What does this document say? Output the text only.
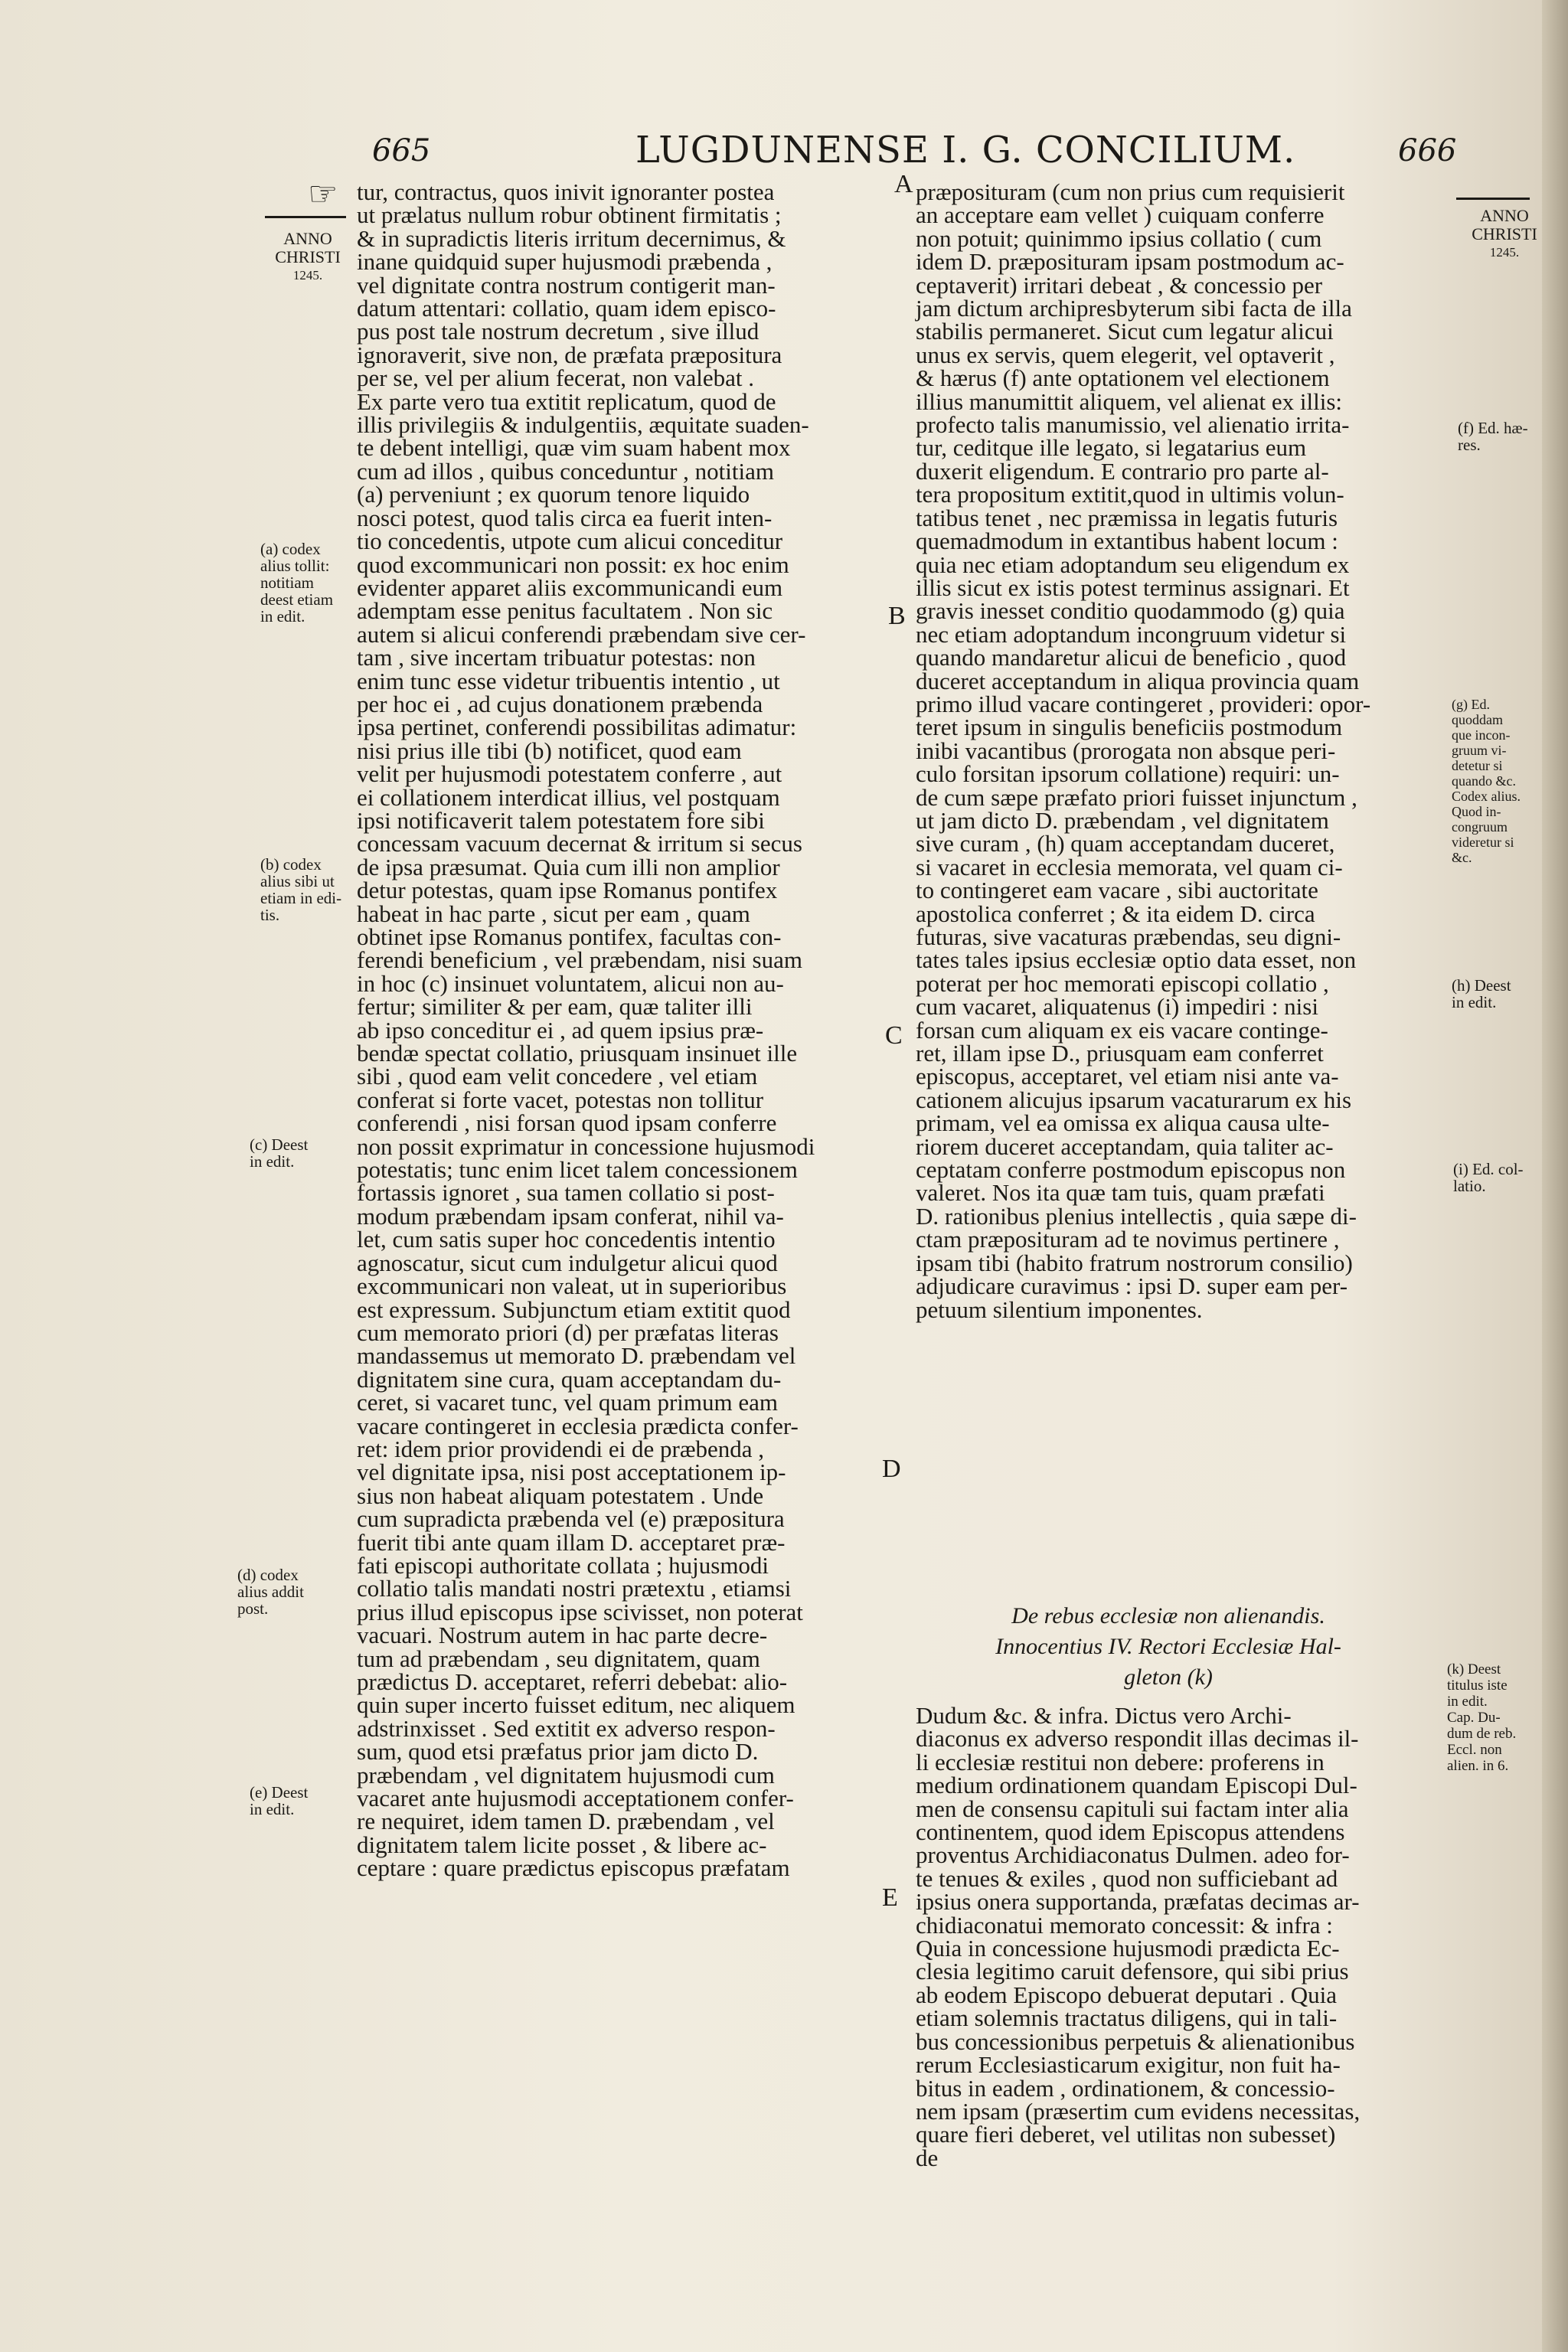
665	LUGDUNENSE I. G. CONCILIUM.	666
☞
ANNO
CHRISTI
1245.
ANNO
CHRISTI
1245.
tur, contractus, quos inivit ignoranter postea
ut prælatus nullum robur obtinent firmitatis ;
& in supradictis literis irritum decernimus, &
inane quidquid super hujusmodi præbenda ,
vel dignitate contra nostrum contigerit man-
datum attentari: collatio, quam idem episco-
pus post tale nostrum decretum , sive illud
ignoraverit, sive non, de præfata præpositura
per se, vel per alium fecerat, non valebat .
Ex parte vero tua extitit replicatum, quod de
illis privilegiis & indulgentiis, æquitate suaden-
te debent intelligi, quæ vim suam habent mox
cum ad illos , quibus conceduntur , notitiam
(a) perveniunt ; ex quorum tenore liquido
nosci potest, quod talis circa ea fuerit inten-
tio concedentis, utpote cum alicui conceditur
quod excommunicari non possit: ex hoc enim
evidenter apparet aliis excommunicandi eum
ademptam esse penitus facultatem . Non sic
autem si alicui conferendi præbendam sive cer-
tam , sive incertam tribuatur potestas: non
enim tunc esse videtur tribuentis intentio , ut
per hoc ei , ad cujus donationem præbenda
ipsa pertinet, conferendi possibilitas adimatur:
nisi prius ille tibi (b) notificet, quod eam
velit per hujusmodi potestatem conferre , aut
ei collationem interdicat illius, vel postquam
ipsi notificaverit talem potestatem fore sibi
concessam vacuum decernat & irritum si secus
de ipsa præsumat. Quia cum illi non amplior
detur potestas, quam ipse Romanus pontifex
habeat in hac parte , sicut per eam , quam
obtinet ipse Romanus pontifex, facultas con-
ferendi beneficium , vel præbendam, nisi suam
in hoc (c) insinuet voluntatem, alicui non au-
fertur; similiter & per eam, quæ taliter illi
ab ipso conceditur ei , ad quem ipsius præ-
bendæ spectat collatio, priusquam insinuet ille
sibi , quod eam velit concedere , vel etiam
conferat si forte vacet, potestas non tollitur
conferendi , nisi forsan quod ipsam conferre
non possit exprimatur in concessione hujusmodi
potestatis; tunc enim licet talem concessionem
fortassis ignoret , sua tamen collatio si post-
modum præbendam ipsam conferat, nihil va-
let, cum satis super hoc concedentis intentio
agnoscatur, sicut cum indulgetur alicui quod
excommunicari non valeat, ut in superioribus
est expressum. Subjunctum etiam extitit quod
cum memorato priori (d) per præfatas literas
mandassemus ut memorato D. præbendam vel
dignitatem sine cura, quam acceptandam du-
ceret, si vacaret tunc, vel quam primum eam
vacare contingeret in ecclesia prædicta confer-
ret: idem prior providendi ei de præbenda ,
vel dignitate ipsa, nisi post acceptationem ip-
sius non habeat aliquam potestatem . Unde
cum supradicta præbenda vel (e) præpositura
fuerit tibi ante quam illam D. acceptaret præ-
fati episcopi authoritate collata ; hujusmodi
collatio talis mandati nostri prætextu , etiamsi
prius illud episcopus ipse scivisset, non poterat
vacuari. Nostrum autem in hac parte decre-
tum ad præbendam , seu dignitatem, quam
prædictus D. acceptaret, referri debebat: alio-
quin super incerto fuisset editum, nec aliquem
adstrinxisset . Sed extitit ex adverso respon-
sum, quod etsi præfatus prior jam dicto D.
præbendam , vel dignitatem hujusmodi cum
vacaret ante hujusmodi acceptationem confer-
re nequiret, idem tamen D. præbendam , vel
dignitatem talem licite posset , & libere ac-
ceptare : quare prædictus episcopus præfatam
præposituram (cum non prius cum requisierit
an acceptare eam vellet ) cuiquam conferre
non potuit; quinimmo ipsius collatio ( cum
idem D. præposituram ipsam postmodum ac-
ceptaverit) irritari debeat , & concessio per
jam dictum archipresbyterum sibi facta de illa
stabilis permaneret. Sicut cum legatur alicui
unus ex servis, quem elegerit, vel optaverit ,
& hærus (f) ante optationem vel electionem
illius manumittit aliquem, vel alienat ex illis:
profecto talis manumissio, vel alienatio irrita-
tur, ceditque ille legato, si legatarius eum
duxerit eligendum. E contrario pro parte al-
tera propositum extitit,quod in ultimis volun-
tatibus tenet , nec præmissa in legatis futuris
quemadmodum in extantibus habent locum :
quia nec etiam adoptandum seu eligendum ex
illis sicut ex istis potest terminus assignari. Et
gravis inesset conditio quodammodo (g) quia
nec etiam adoptandum incongruum videtur si
quando mandaretur alicui de beneficio , quod
duceret acceptandum in aliqua provincia quam
primo illud vacare contingeret , provideri: opor-
teret ipsum in singulis beneficiis postmodum
inibi vacantibus (prorogata non absque peri-
culo forsitan ipsorum collatione) requiri: un-
de cum sæpe præfato priori fuisset injunctum ,
ut jam dicto D. præbendam , vel dignitatem
sive curam , (h) quam acceptandam duceret,
si vacaret in ecclesia memorata, vel quam ci-
to contingeret eam vacare , sibi auctoritate
apostolica conferret ; & ita eidem D. circa
futuras, sive vacaturas præbendas, seu digni-
tates tales ipsius ecclesiæ optio data esset, non
poterat per hoc memorati episcopi collatio ,
cum vacaret, aliquatenus (i) impediri : nisi
forsan cum aliquam ex eis vacare continge-
ret, illam ipse D., priusquam eam conferret
episcopus, acceptaret, vel etiam nisi ante va-
cationem alicujus ipsarum vacaturarum ex his
primam, vel ea omissa ex aliqua causa ulte-
riorem duceret acceptandam, quia taliter ac-
ceptatam conferre postmodum episcopus non
valeret. Nos ita quæ tam tuis, quam præfati
D. rationibus plenius intellectis , quia sæpe di-
ctam præposituram ad te novimus pertinere ,
ipsam tibi (habito fratrum nostrorum consilio)
adjudicare curavimus : ipsi D. super eam per-
petuum silentium imponentes.
De rebus ecclesiæ non alienandis.
Innocentius IV. Rectori Ecclesiæ Hal-
gleton (k)
Dudum &c. & infra. Dictus vero Archi-
diaconus ex adverso respondit illas decimas il-
li ecclesiæ restitui non debere: proferens in
medium ordinationem quandam Episcopi Dul-
men de consensu capituli sui factam inter alia
continentem, quod idem Episcopus attendens
proventus Archidiaconatus Dulmen. adeo for-
te tenues & exiles , quod non sufficiebant ad
ipsius onera supportanda, præfatas decimas ar-
chidiaconatui memorato concessit: & infra :
Quia in concessione hujusmodi prædicta Ec-
clesia legitimo caruit defensore, qui sibi prius
ab eodem Episcopo debuerat deputari . Quia
etiam solemnis tractatus diligens, qui in tali-
bus concessionibus perpetuis & alienationibus
rerum Ecclesiasticarum exigitur, non fuit ha-
bitus in eadem , ordinationem, & concessio-
nem ipsam (præsertim cum evidens necessitas,
quare fieri deberet, vel utilitas non subesset)
de
A
B
C
D
E
(a) codex
alius tollit:
notitiam
deest etiam
in edit.
(b) codex
alius sibi ut
etiam in edi-
tis.
(c) Deest
in edit.
(d) codex
alius addit
post.
(e) Deest
in edit.
(f) Ed. hæ-
res.
(g) Ed.
quoddam
que incon-
gruum vi-
detetur si
quando &c.
Codex alius.
Quod in-
congruum
videretur si
&c.
(h) Deest
in edit.
(i) Ed. col-
latio.
(k) Deest
titulus iste
in edit.
Cap. Du-
dum de reb.
Eccl. non
alien. in 6.
